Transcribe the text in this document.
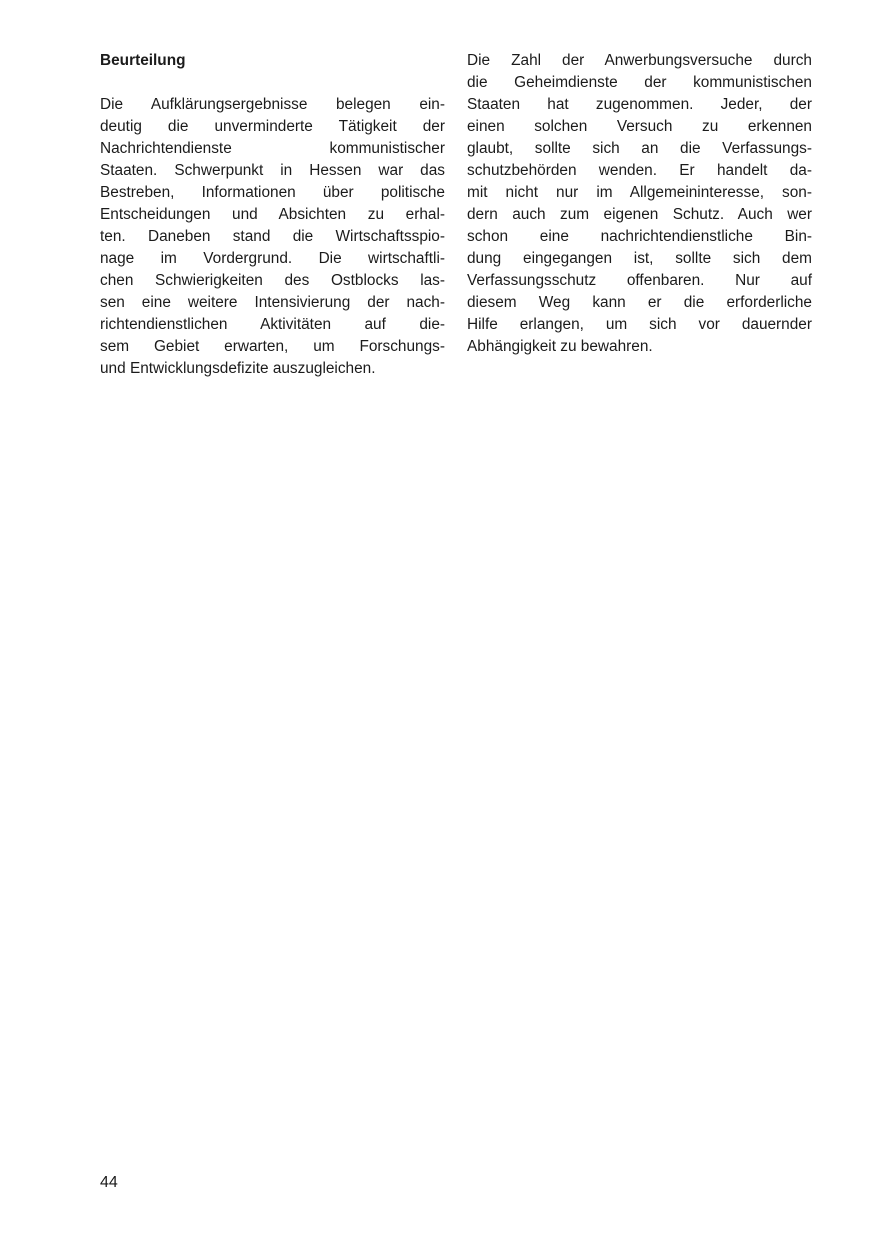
Beurteilung
Die Aufklärungsergebnisse belegen ein-
deutig die unverminderte Tätigkeit der
Nachrichtendienste kommunistischer
Staaten. Schwerpunkt in Hessen war das
Bestreben, Informationen über politische
Entscheidungen und Absichten zu erhal-
ten. Daneben stand die Wirtschaftsspio-
nage im Vordergrund. Die wirtschaftli-
chen Schwierigkeiten des Ostblocks las-
sen eine weitere Intensivierung der nach-
richtendienstlichen Aktivitäten auf die-
sem Gebiet erwarten, um Forschungs-
und Entwicklungsdefizite auszugleichen.
Die Zahl der Anwerbungsversuche durch
die Geheimdienste der kommunistischen
Staaten hat zugenommen. Jeder, der
einen solchen Versuch zu erkennen
glaubt, sollte sich an die Verfassungs-
schutzbehörden wenden. Er handelt da-
mit nicht nur im Allgemeininteresse, son-
dern auch zum eigenen Schutz. Auch wer
schon eine nachrichtendienstliche Bin-
dung eingegangen ist, sollte sich dem
Verfassungsschutz offenbaren. Nur auf
diesem Weg kann er die erforderliche
Hilfe erlangen, um sich vor dauernder
Abhängigkeit zu bewahren.
44
